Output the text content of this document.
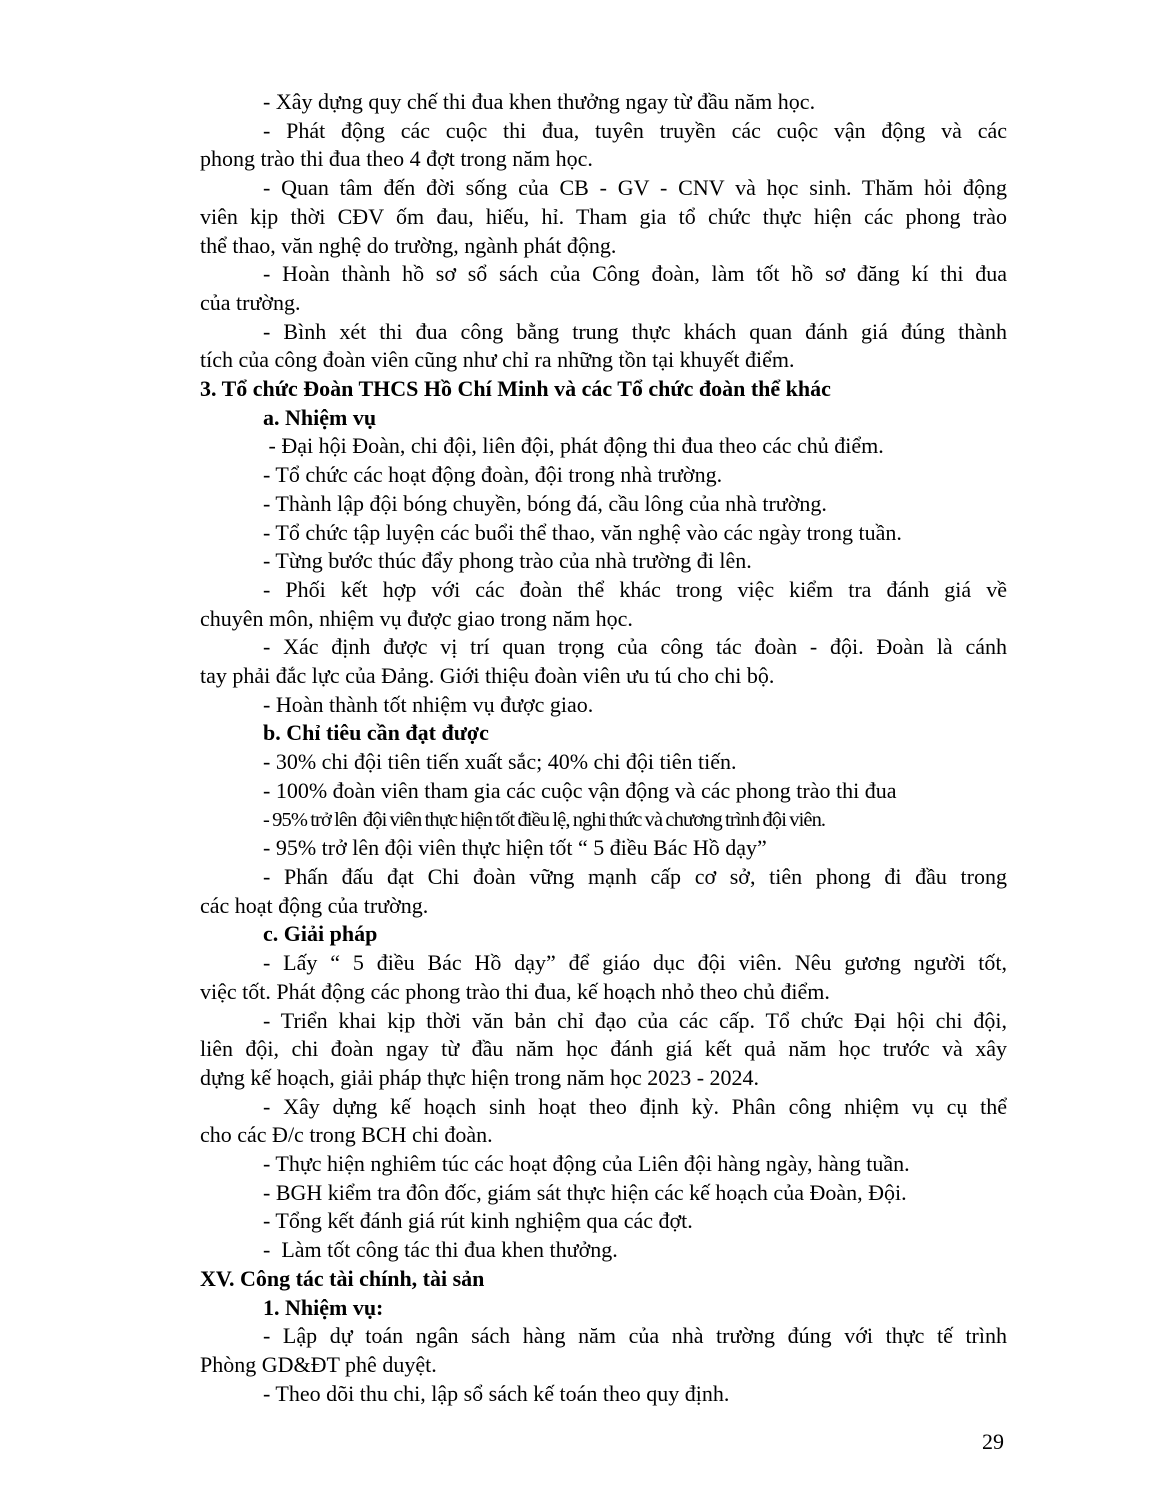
- Xây dựng quy chế thi đua khen thưởng ngay từ đầu năm học.

- Phát động các cuộc thi đua, tuyên truyền các cuộc vận động và các

phong trào thi đua theo 4 đợt trong năm học.

- Quan tâm đến đời sống của CB - GV - CNV và học sinh. Thăm hỏi động

viên kịp thời CĐV ốm đau, hiếu, hỉ. Tham gia tổ chức thực hiện các phong trào

thể thao, văn nghệ do trường, ngành phát động.

- Hoàn thành hồ sơ sổ sách của Công đoàn, làm tốt hồ sơ đăng kí thi đua

của trường.

- Bình xét thi đua công bằng trung thực khách quan đánh giá đúng thành

tích của công đoàn viên cũng như chỉ ra những tồn tại khuyết điểm.

3. Tổ chức Đoàn THCS Hồ Chí Minh và các Tổ chức đoàn thể khác

a. Nhiệm vụ

- Đại hội Đoàn, chi đội, liên đội, phát động thi đua theo các chủ điểm.

- Tổ chức các hoạt động đoàn, đội trong nhà trường.

- Thành lập đội bóng chuyền, bóng đá, cầu lông của nhà trường.

- Tổ chức tập luyện các buổi thể thao, văn nghệ vào các ngày trong tuần.

- Từng bước thúc đẩy phong trào của nhà trường đi lên.

- Phối kết hợp với các đoàn thể khác trong việc kiểm tra đánh giá về

chuyên môn, nhiệm vụ được giao trong năm học.

- Xác định được vị trí quan trọng của công tác đoàn - đội. Đoàn là cánh

tay phải đắc lực của Đảng. Giới thiệu đoàn viên ưu tú cho chi bộ.

- Hoàn thành tốt nhiệm vụ được giao.

b. Chỉ tiêu cần đạt được

- 30% chi đội tiên tiến xuất sắc; 40% chi đội tiên tiến.

- 100% đoàn viên tham gia các cuộc vận động và các phong trào thi đua

- 95% trở lên  đội viên thực hiện tốt điều lệ, nghi thức và chương trình đội viên.

- 95% trở lên đội viên thực hiện tốt “ 5 điều Bác Hồ dạy”

- Phấn đấu đạt Chi đoàn vững mạnh cấp cơ sở, tiên phong đi đầu trong

các hoạt động của trường.

c. Giải pháp

- Lấy “ 5 điều Bác Hồ dạy” để giáo dục đội viên. Nêu gương người tốt,

việc tốt. Phát động các phong trào thi đua, kế hoạch nhỏ theo chủ điểm.

- Triển khai kịp thời văn bản chỉ đạo của các cấp. Tổ chức Đại hội chi đội,

liên đội, chi đoàn ngay từ đầu năm học đánh giá kết quả năm học trước và xây

dựng kế hoạch, giải pháp thực hiện trong năm học 2023 - 2024.

- Xây dựng kế hoạch sinh hoạt theo định kỳ. Phân công nhiệm vụ cụ thể

cho các Đ/c trong BCH chi đoàn.

- Thực hiện nghiêm túc các hoạt động của Liên đội hàng ngày, hàng tuần.

- BGH kiểm tra đôn đốc, giám sát thực hiện các kế hoạch của Đoàn, Đội.

- Tổng kết đánh giá rút kinh nghiệm qua các đợt.

-  Làm tốt công tác thi đua khen thưởng.

XV. Công tác tài chính, tài sản

1. Nhiệm vụ:

- Lập dự toán ngân sách hàng năm của nhà trường đúng với thực tế trình

Phòng GD&ĐT phê duyệt.

- Theo dõi thu chi, lập sổ sách kế toán theo quy định.

29
